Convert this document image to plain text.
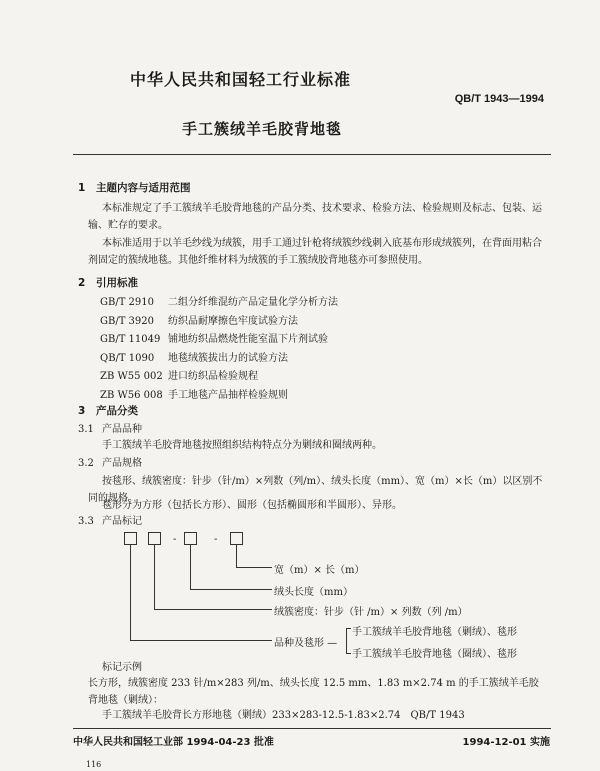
中华人民共和国轻工行业标准
QB/T 1943—1994
手工簇绒羊毛胶背地毯
1 主题内容与适用范围
本标准规定了手工簇绒羊毛胶背地毯的产品分类、技术要求、检验方法、检验规则及标志、包装、运输、贮存的要求。
本标准适用于以羊毛纱线为绒簇，用手工通过针枪将绒簇纱线刺入底基布形成绒簇列，在背面用粘合剂固定的簇绒地毯。其他纤维材料为绒簇的手工簇绒胶背地毯亦可参照使用。
2 引用标准
GB/T 2910 二组分纤维混纺产品定量化学分析方法
GB/T 3920 纺织品耐摩擦色牢度试验方法
GB/T 11049 铺地纺织品燃烧性能室温下片剂试验
QB/T 1090 地毯绒簇拔出力的试验方法
ZB W55 002 进口纺织品检验规程
ZB W56 008 手工地毯产品抽样检验规则
3 产品分类
3.1 产品品种
手工簇绒羊毛胶背地毯按照组织结构特点分为剿绒和圈绒两种。
3.2 产品规格
按毯形、绒簇密度：针步（针/m）×列数（列/m）、绒头长度（mm）、宽（m）×长（m）以区别不同的规格。
毯形分为方形（包括长方形）、圆形（包括椭圆形和半圆形）、异形。
3.3 产品标记
-	-
宽（m）× 长（m）
绒头长度（mm）
绒簇密度：针步（针 /m）× 列数（列 /m）
品种及毯形 —
手工簇绒羊毛胶背地毯（剿绒）、毯形
手工簇绒羊毛胶背地毯（圈绒）、毯形
标记示例
长方形，绒簇密度 233 针/m×283 列/m、绒头长度 12.5 mm、1.83 m×2.74 m 的手工簇绒羊毛胶背地毯（剿绒）：
手工簇绒羊毛胶背长方形地毯（剿绒）233×283-12.5-1.83×2.74　QB/T 1943
中华人民共和国轻工业部 1994-04-23 批准	1994-12-01 实施
116
